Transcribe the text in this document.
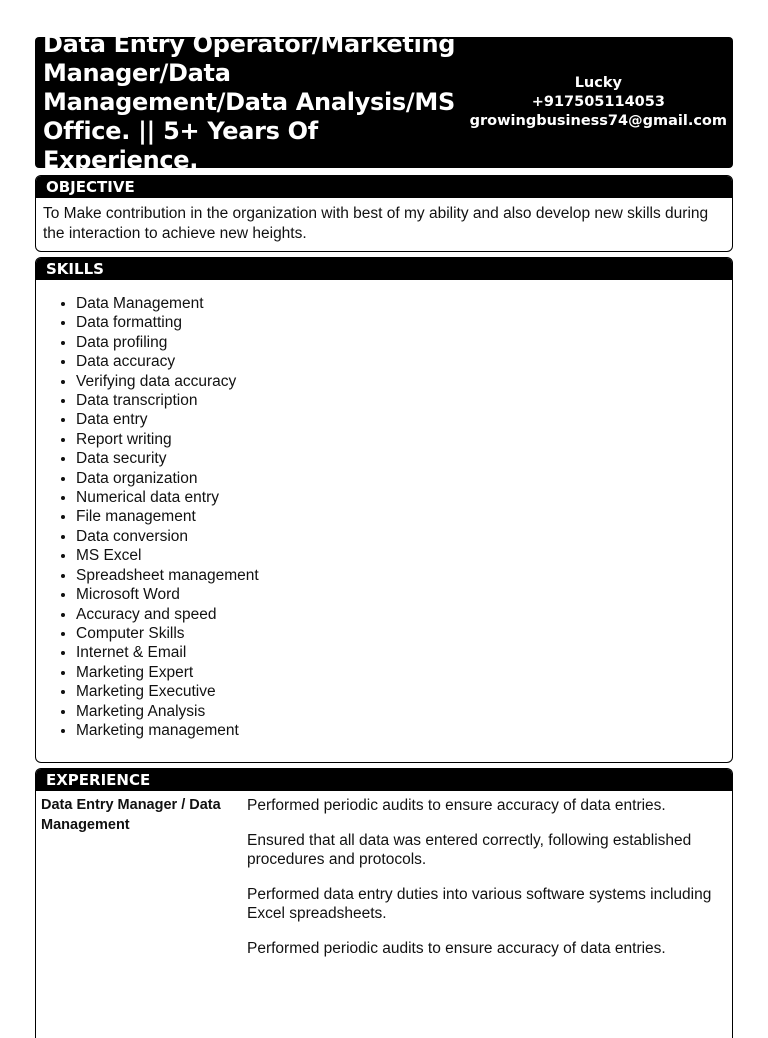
Data Entry Operator/Marketing Manager/Data Management/Data Analysis/MS Office. || 5+ Years Of Experience.
Lucky
+917505114053
growingbusiness74@gmail.com
OBJECTIVE
To Make contribution in the organization with best of my ability and also develop new skills during the interaction to achieve new heights.
SKILLS
• Data Management
• Data formatting
• Data profiling
• Data accuracy
• Verifying data accuracy
• Data transcription
• Data entry
• Report writing
• Data security
• Data organization
• Numerical data entry
• File management
• Data conversion
• MS Excel
• Spreadsheet management
• Microsoft Word
• Accuracy and speed
• Computer Skills
• Internet & Email
• Marketing Expert
• Marketing Executive
• Marketing Analysis
• Marketing management
EXPERIENCE
Data Entry Manager / Data Management

Performed periodic audits to ensure accuracy of data entries.

Ensured that all data was entered correctly, following established procedures and protocols.

Performed data entry duties into various software systems including Excel spreadsheets.

Performed periodic audits to ensure accuracy of data entries.
